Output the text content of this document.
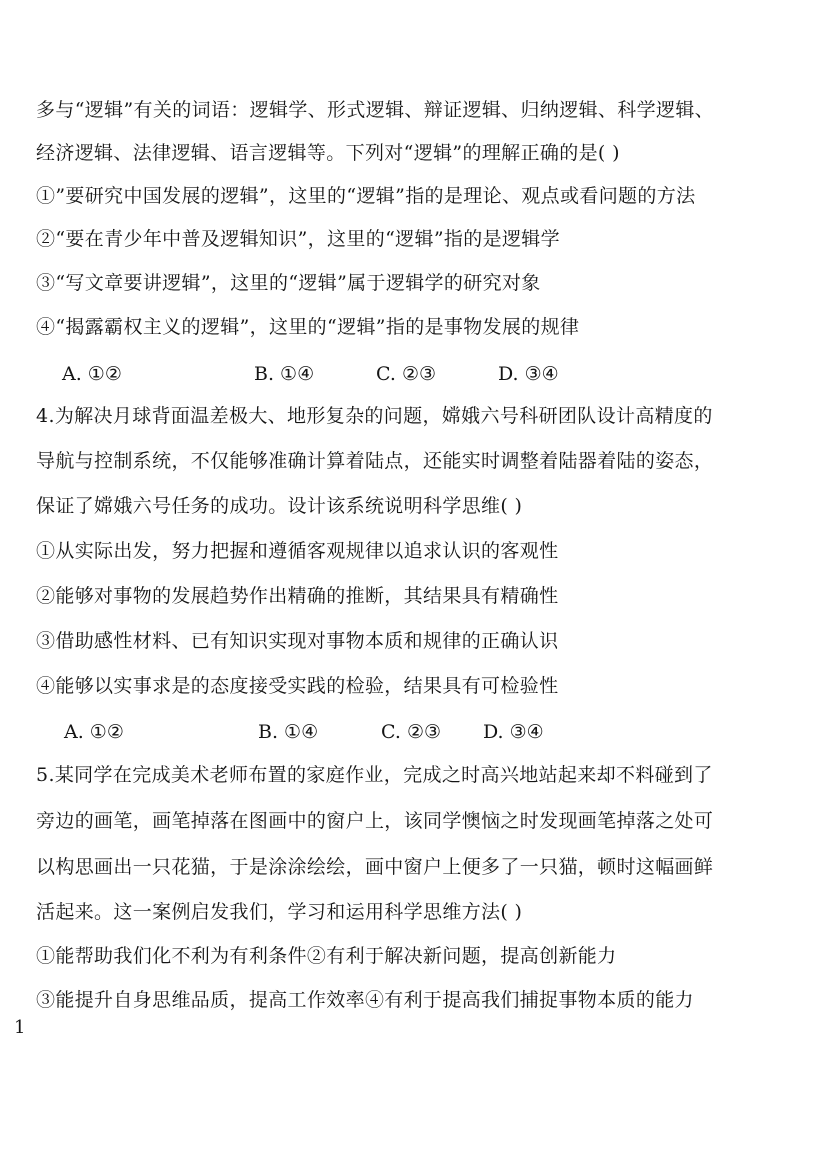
多与“逻辑”有关的词语：逻辑学、形式逻辑、辩证逻辑、归纳逻辑、科学逻辑、
经济逻辑、法律逻辑、语言逻辑等。下列对“逻辑”的理解正确的是( )
①”要研究中国发展的逻辑”，这里的“逻辑”指的是理论、观点或看问题的方法
②“要在青少年中普及逻辑知识”，这里的“逻辑”指的是逻辑学
③“写文章要讲逻辑”，这里的“逻辑”属于逻辑学的研究对象
④“揭露霸权主义的逻辑”，这里的“逻辑”指的是事物发展的规律
A. ①②	B. ①④	C. ②③	D. ③④
4.为解决月球背面温差极大、地形复杂的问题，嫦娥六号科研团队设计高精度的
导航与控制系统，不仅能够准确计算着陆点，还能实时调整着陆器着陆的姿态，
保证了嫦娥六号任务的成功。设计该系统说明科学思维( )
①从实际出发，努力把握和遵循客观规律以追求认识的客观性
②能够对事物的发展趋势作出精确的推断，其结果具有精确性
③借助感性材料、已有知识实现对事物本质和规律的正确认识
④能够以实事求是的态度接受实践的检验，结果具有可检验性
A. ①②	B. ①④	C. ②③ D. ③④
5.某同学在完成美术老师布置的家庭作业，完成之时高兴地站起来却不料碰到了
旁边的画笔，画笔掉落在图画中的窗户上，该同学懊恼之时发现画笔掉落之处可
以构思画出一只花猫，于是涂涂绘绘，画中窗户上便多了一只猫，顿时这幅画鲜
活起来。这一案例启发我们，学习和运用科学思维方法( )
①能帮助我们化不利为有利条件②有利于解决新问题，提高创新能力
③能提升自身思维品质，提高工作效率④有利于提高我们捕捉事物本质的能力
1
